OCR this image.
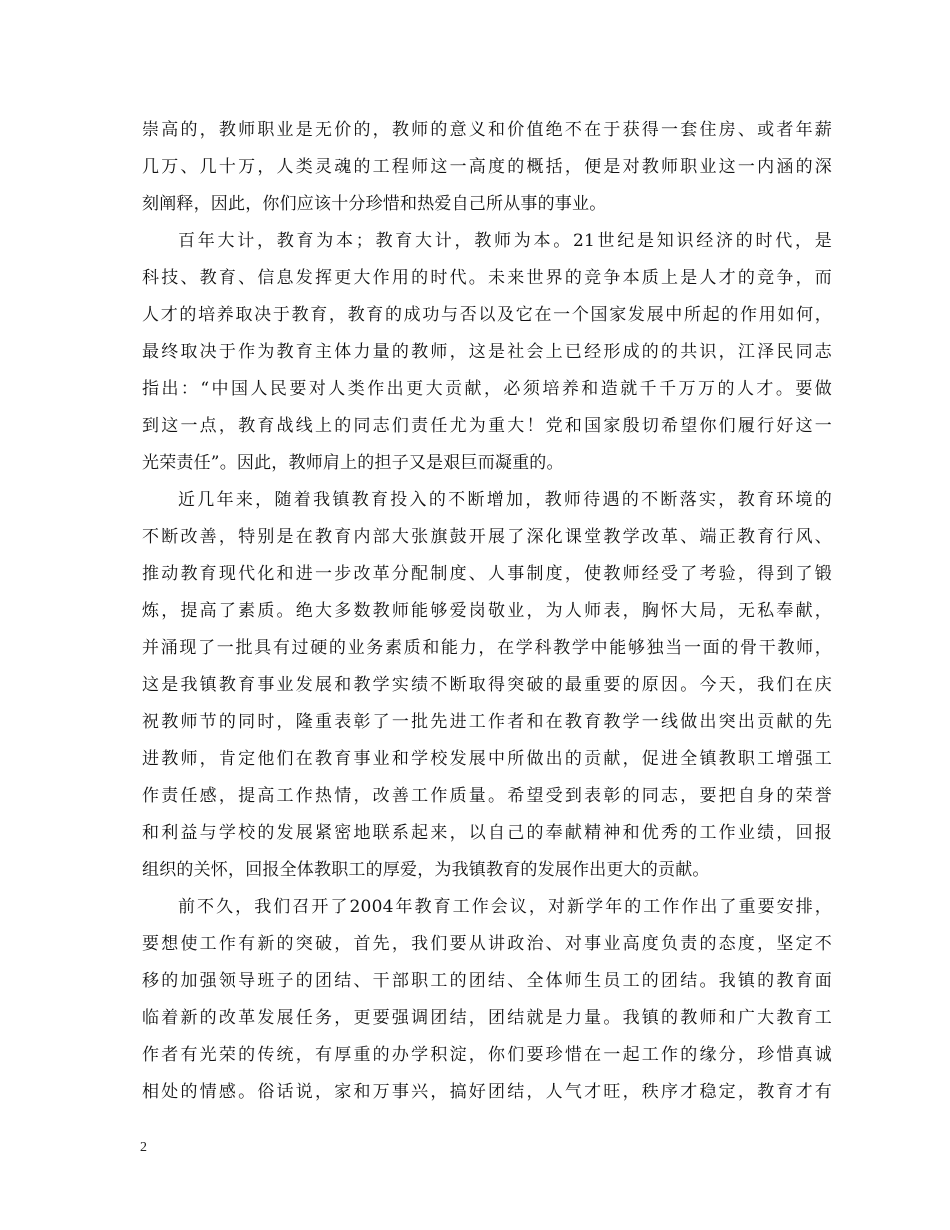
崇高的，教师职业是无价的，教师的意义和价值绝不在于获得一套住房、或者年薪
几万、几十万，人类灵魂的工程师这一高度的概括，便是对教师职业这一内涵的深
刻阐释，因此，你们应该十分珍惜和热爱自己所从事的事业。
百年大计，教育为本；教育大计，教师为本。21世纪是知识经济的时代，是
科技、教育、信息发挥更大作用的时代。未来世界的竞争本质上是人才的竞争，而
人才的培养取决于教育，教育的成功与否以及它在一个国家发展中所起的作用如何，
最终取决于作为教育主体力量的教师，这是社会上已经形成的的共识，江泽民同志
指出：“中国人民要对人类作出更大贡献，必须培养和造就千千万万的人才。要做
到这一点，教育战线上的同志们责任尤为重大！党和国家殷切希望你们履行好这一
光荣责任”。因此，教师肩上的担子又是艰巨而凝重的。
近几年来，随着我镇教育投入的不断增加，教师待遇的不断落实，教育环境的
不断改善，特别是在教育内部大张旗鼓开展了深化课堂教学改革、端正教育行风、
推动教育现代化和进一步改革分配制度、人事制度，使教师经受了考验，得到了锻
炼，提高了素质。绝大多数教师能够爱岗敬业，为人师表，胸怀大局，无私奉献，
并涌现了一批具有过硬的业务素质和能力，在学科教学中能够独当一面的骨干教师，
这是我镇教育事业发展和教学实绩不断取得突破的最重要的原因。今天，我们在庆
祝教师节的同时，隆重表彰了一批先进工作者和在教育教学一线做出突出贡献的先
进教师，肯定他们在教育事业和学校发展中所做出的贡献，促进全镇教职工增强工
作责任感，提高工作热情，改善工作质量。希望受到表彰的同志，要把自身的荣誉
和利益与学校的发展紧密地联系起来，以自己的奉献精神和优秀的工作业绩，回报
组织的关怀，回报全体教职工的厚爱，为我镇教育的发展作出更大的贡献。
前不久，我们召开了2004年教育工作会议，对新学年的工作作出了重要安排，
要想使工作有新的突破，首先，我们要从讲政治、对事业高度负责的态度，坚定不
移的加强领导班子的团结、干部职工的团结、全体师生员工的团结。我镇的教育面
临着新的改革发展任务，更要强调团结，团结就是力量。我镇的教师和广大教育工
作者有光荣的传统，有厚重的办学积淀，你们要珍惜在一起工作的缘分，珍惜真诚
相处的情感。俗话说，家和万事兴，搞好团结，人气才旺，秩序才稳定，教育才有
2
